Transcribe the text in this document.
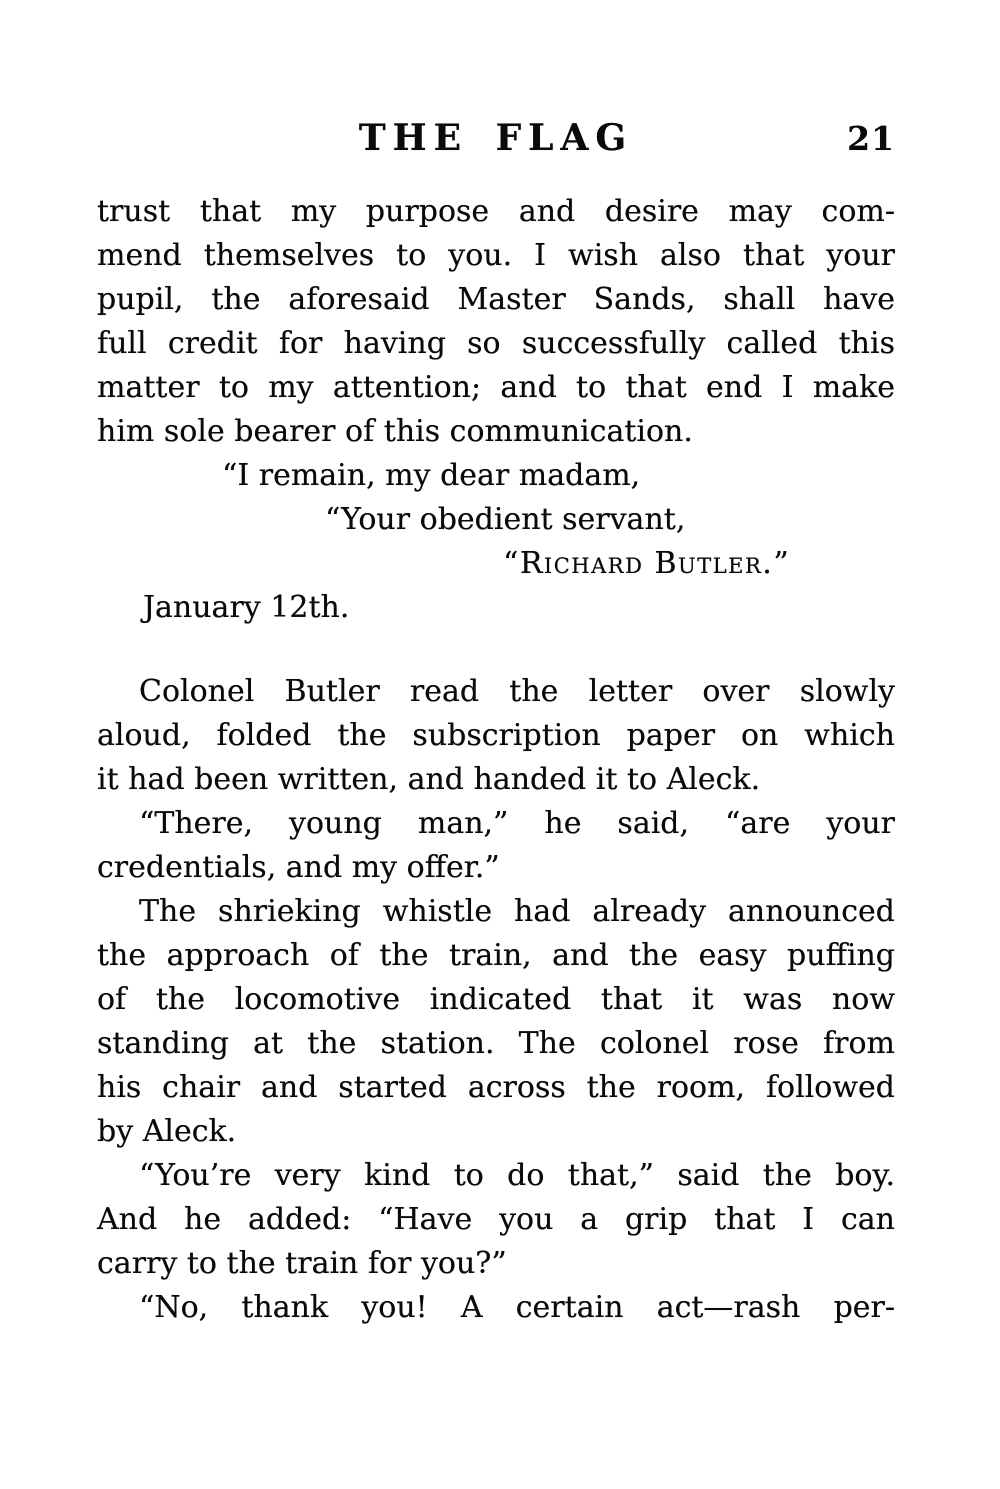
THE FLAG	21
trust that my purpose and desire may com-
mend themselves to you. I wish also that your
pupil, the aforesaid Master Sands, shall have
full credit for having so successfully called this
matter to my attention; and to that end I make
him sole bearer of this communication.
“I remain, my dear madam,
“Your obedient servant,
“Richard Butler.”
January 12th.
Colonel Butler read the letter over slowly
aloud, folded the subscription paper on which
it had been written, and handed it to Aleck.
“There, young man,” he said, “are your
credentials, and my offer.”
The shrieking whistle had already announced
the approach of the train, and the easy puffing
of the locomotive indicated that it was now
standing at the station. The colonel rose from
his chair and started across the room, followed
by Aleck.
“You’re very kind to do that,” said the boy.
And he added: “Have you a grip that I can
carry to the train for you?”
“No, thank you! A certain act—rash per-
